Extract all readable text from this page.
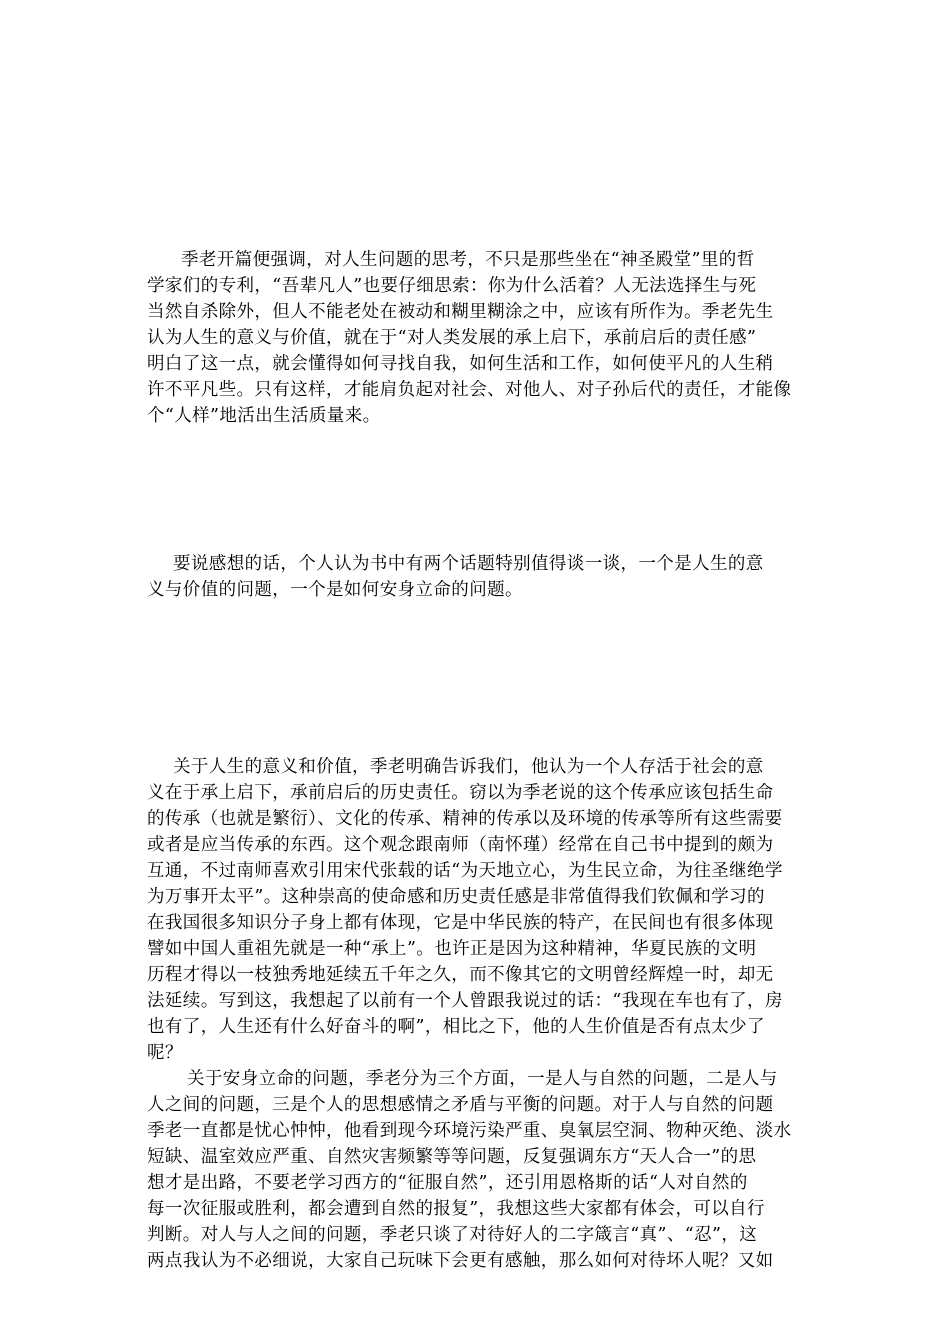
季老开篇便强调，对人生问题的思考，不只是那些坐在“神圣殿堂”里的哲
学家们的专利，“吾辈凡人”也要仔细思索：你为什么活着？人无法选择生与死
当然自杀除外，但人不能老处在被动和糊里糊涂之中，应该有所作为。季老先生
认为人生的意义与价值，就在于“对人类发展的承上启下，承前启后的责任感”
明白了这一点，就会懂得如何寻找自我，如何生活和工作，如何使平凡的人生稍
许不平凡些。只有这样，才能肩负起对社会、对他人、对子孙后代的责任，才能像
个“人样”地活出生活质量来。
要说感想的话，个人认为书中有两个话题特别值得谈一谈，一个是人生的意
义与价值的问题，一个是如何安身立命的问题。
关于人生的意义和价值，季老明确告诉我们，他认为一个人存活于社会的意
义在于承上启下，承前启后的历史责任。窃以为季老说的这个传承应该包括生命
的传承（也就是繁衍）、文化的传承、精神的传承以及环境的传承等所有这些需要
或者是应当传承的东西。这个观念跟南师（南怀瑾）经常在自己书中提到的颇为
互通，不过南师喜欢引用宋代张载的话“为天地立心，为生民立命，为往圣继绝学
为万事开太平”。这种崇高的使命感和历史责任感是非常值得我们钦佩和学习的
在我国很多知识分子身上都有体现，它是中华民族的特产，在民间也有很多体现
譬如中国人重祖先就是一种“承上”。也许正是因为这种精神，华夏民族的文明
历程才得以一枝独秀地延续五千年之久，而不像其它的文明曾经辉煌一时，却无
法延续。写到这，我想起了以前有一个人曾跟我说过的话：“我现在车也有了，房
也有了，人生还有什么好奋斗的啊”，相比之下，他的人生价值是否有点太少了
呢？
关于安身立命的问题，季老分为三个方面，一是人与自然的问题，二是人与
人之间的问题，三是个人的思想感情之矛盾与平衡的问题。对于人与自然的问题
季老一直都是忧心忡忡，他看到现今环境污染严重、臭氧层空洞、物种灭绝、淡水
短缺、温室效应严重、自然灾害频繁等等问题，反复强调东方“天人合一”的思
想才是出路，不要老学习西方的“征服自然”，还引用恩格斯的话“人对自然的
每一次征服或胜利，都会遭到自然的报复”，我想这些大家都有体会，可以自行
判断。对人与人之间的问题，季老只谈了对待好人的二字箴言“真”、“忍”，这
两点我认为不必细说，大家自己玩味下会更有感触，那么如何对待坏人呢？又如
